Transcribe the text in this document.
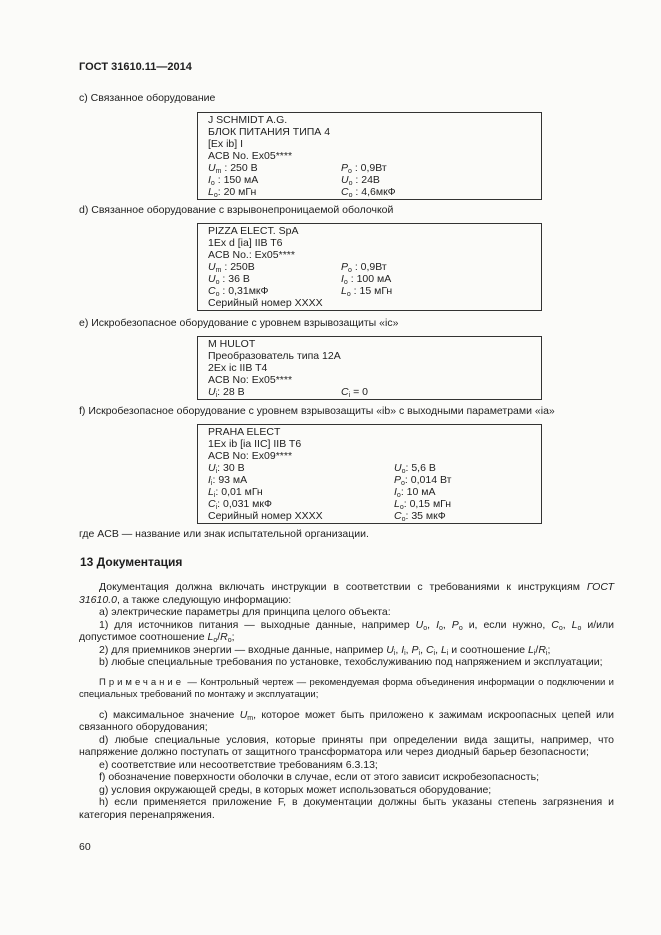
ГОСТ 31610.11—2014
с) Связанное оборудование
J SCHMIDT A.G.
БЛОК ПИТАНИЯ ТИПА 4
[Ex ib] I
ACB No. Ex05****
$U_m$ : 250 В	$P_o$ : 0,9Вт
$I_o$ : 150 мА	$U_o$ : 24В
$L_o$: 20 мГн	$C_o$ : 4,6мкФ
d) Связанное оборудование с взрывонепроницаемой оболочкой
PIZZA ELECT. SpA
1Ex d [ia] IIB T6
ACB No.: Ex05****
$U_m$ : 250В	$P_o$ : 0,9Вт
$U_o$ : 36 В	$I_o$ : 100 мА
$C_o$ : 0,31мкФ	$L_o$ : 15 мГн
Серийный номер XXXX
е) Искробезопасное оборудование с уровнем взрывозащиты «ic»
M HULOT
Преобразователь типа 12А
2Ex ic IIB T4
ACB No: Ex05****
$U_i$: 28 В	$C_i = 0$
f) Искробезопасное оборудование с уровнем взрывозащиты «ib» с выходными параметрами «ia»
PRAHA ELECT
1Ex ib [ia IIC] IIB T6
ACB No: Ex09****
$U_i$: 30 В	$U_o$: 5,6 В
$I_i$: 93 мА	$P_o$: 0,014 Вт
$L_i$: 0,01 мГн	$I_o$: 10 мА
$C_i$: 0,031 мкФ	$L_o$: 0,15 мГн
Серийный номер XXXX	$C_o$: 35 мкФ
где ACB — название или знак испытательной организации.
13 Документация

Документация должна включать инструкции в соответствии с требованиями к инструкциям ГОСТ 31610.0, а также следующую информацию:

а) электрические параметры для принципа целого объекта:

1) для источников питания — выходные данные, например $U_o$, $I_o$, $P_o$ и, если нужно, $C_o$, $L_o$ и/или допустимое соотношение $L_o/R_o$;

2) для приемников энергии — входные данные, например $U_i$, $I_i$, $P_i$, $C_i$, $L_i$ и соотношение $L_i/R_i$;

b) любые специальные требования по установке, техобслуживанию под напряжением и эксплуатации;

Примечание — Контрольный чертеж — рекомендуемая форма объединения информации о подключении и специальных требований по монтажу и эксплуатации;

с) максимальное значение $U_m$, которое может быть приложено к зажимам искроопасных цепей или связанного оборудования;

d) любые специальные условия, которые приняты при определении вида защиты, например, что напряжение должно поступать от защитного трансформатора или через диодный барьер безопасности;

е) соответствие или несоответствие требованиям 6.3.13;

f) обозначение поверхности оболочки в случае, если от этого зависит искробезопасность;

g) условия окружающей среды, в которых может использоваться оборудование;

h) если применяется приложение F, в документации должны быть указаны степень загрязнения и категория перенапряжения.

60
